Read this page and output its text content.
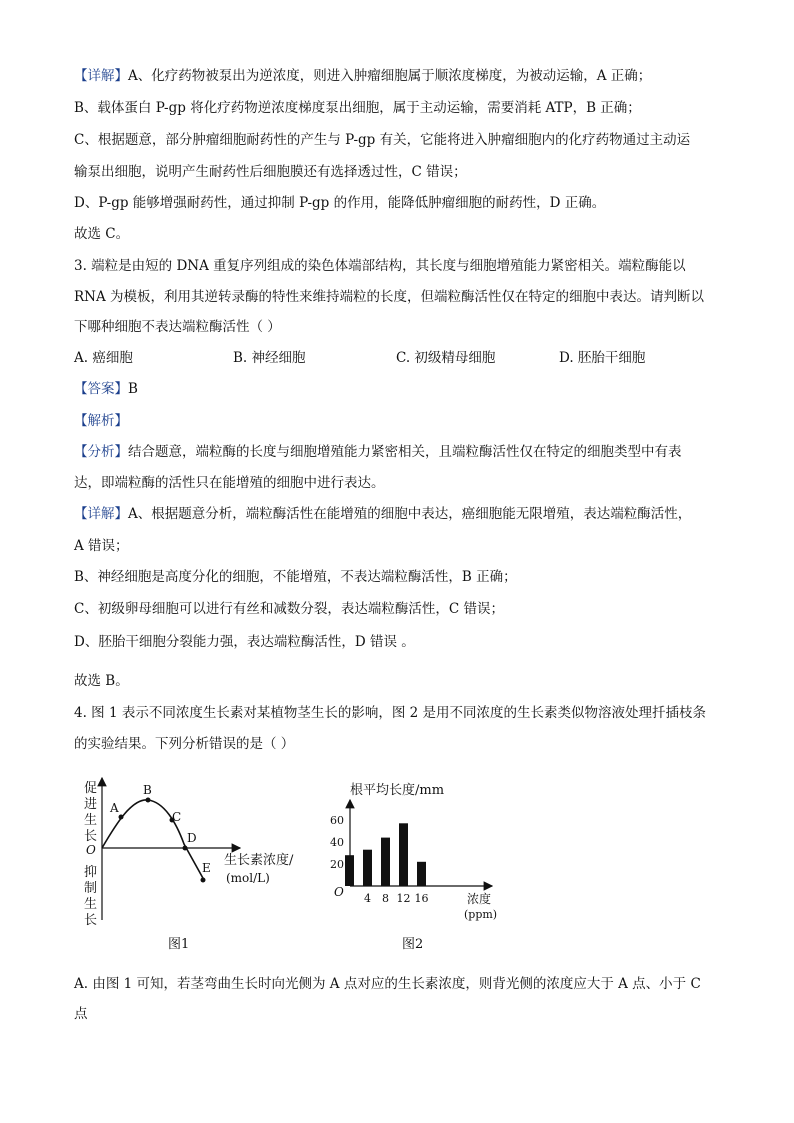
【详解】A、化疗药物被泵出为逆浓度，则进入肿瘤细胞属于顺浓度梯度，为被动运输，A 正确；
B、载体蛋白 P-gp 将化疗药物逆浓度梯度泵出细胞，属于主动运输，需要消耗 ATP，B 正确；
C、根据题意，部分肿瘤细胞耐药性的产生与 P-gp 有关，它能将进入肿瘤细胞内的化疗药物通过主动运
输泵出细胞，说明产生耐药性后细胞膜还有选择透过性，C 错误；
D、P-gp 能够增强耐药性，通过抑制 P-gp 的作用，能降低肿瘤细胞的耐药性，D 正确。
故选 C。
3. 端粒是由短的 DNA 重复序列组成的染色体端部结构，其长度与细胞增殖能力紧密相关。端粒酶能以
RNA 为模板，利用其逆转录酶的特性来维持端粒的长度，但端粒酶活性仅在特定的细胞中表达。请判断以
下哪种细胞不表达端粒酶活性（ ）
A. 癌细胞	B. 神经细胞	C. 初级精母细胞	D. 胚胎干细胞
【答案】B
【解析】
【分析】结合题意，端粒酶的长度与细胞增殖能力紧密相关，且端粒酶活性仅在特定的细胞类型中有表
达，即端粒酶的活性只在能增殖的细胞中进行表达。
【详解】A、根据题意分析，端粒酶活性在能增殖的细胞中表达，癌细胞能无限增殖，表达端粒酶活性，
A 错误；
B、神经细胞是高度分化的细胞，不能增殖，不表达端粒酶活性，B 正确；
C、初级卵母细胞可以进行有丝和减数分裂，表达端粒酶活性，C 错误；
D、胚胎干细胞分裂能力强，表达端粒酶活性，D 错误 。
故选 B。
4. 图 1 表示不同浓度生长素对某植物茎生长的影响，图 2 是用不同浓度的生长素类似物溶液处理扦插枝条
的实验结果。下列分析错误的是（ ）
促
进
生
长
O
抑
制
生
长
A
B
C
D
E 生长素浓度/
(mol/L)
图1
根平均长度/mm
O
20
40
60
4 8 12 16	浓度
(ppm)
图2
A. 由图 1 可知，若茎弯曲生长时向光侧为 A 点对应的生长素浓度，则背光侧的浓度应大于 A 点、小于 C
点
